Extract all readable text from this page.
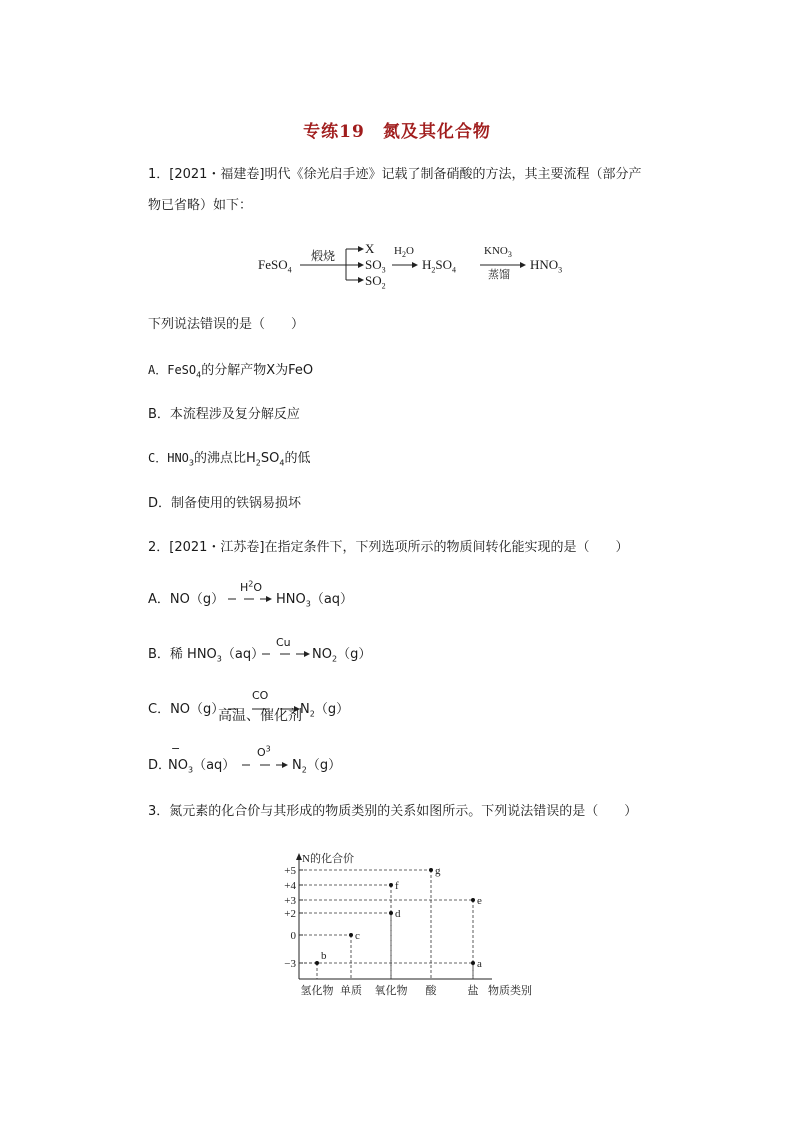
专练19　氮及其化合物
1．[2021・福建卷]明代《徐光启手迹》记载了制备硝酸的方法，其主要流程（部分产
物已省略）如下：
FeSO$_4$
煅烧 X
$SO_3$
$SO_2$
$H_2O$
$H_2SO_4$
$KNO_3$
蒸馏
$HNO_3$
下列说法错误的是（　　）
A．FeSO$_4$的分解产物X为FeO
B．本流程涉及复分解反应
C．$HNO_3$的沸点比$H_2SO_4$的低
D．制备使用的铁锅易损坏
2．[2021・江苏卷]在指定条件下，下列选项所示的物质间转化能实现的是（　　）
A．NO（g）
$H^2O$
$HNO_3(aq)$
B．稀 $HNO_3(aq)$
Cu
$NO_2(g)$
C．NO（g）
CO
高温、催化剂
$N_2(g)$
D．
−
$NO_3(aq)$
$O^3$
$N_2(g)$
3．氮元素的化合价与其形成的物质类别的关系如图所示。下列说法错误的是（　　）
N的化合价
+5
+4
+3
+2
0
−3
氢化物 单质 氧化物 酸	盐 物质类别
a
b
c
d
e
f
g
